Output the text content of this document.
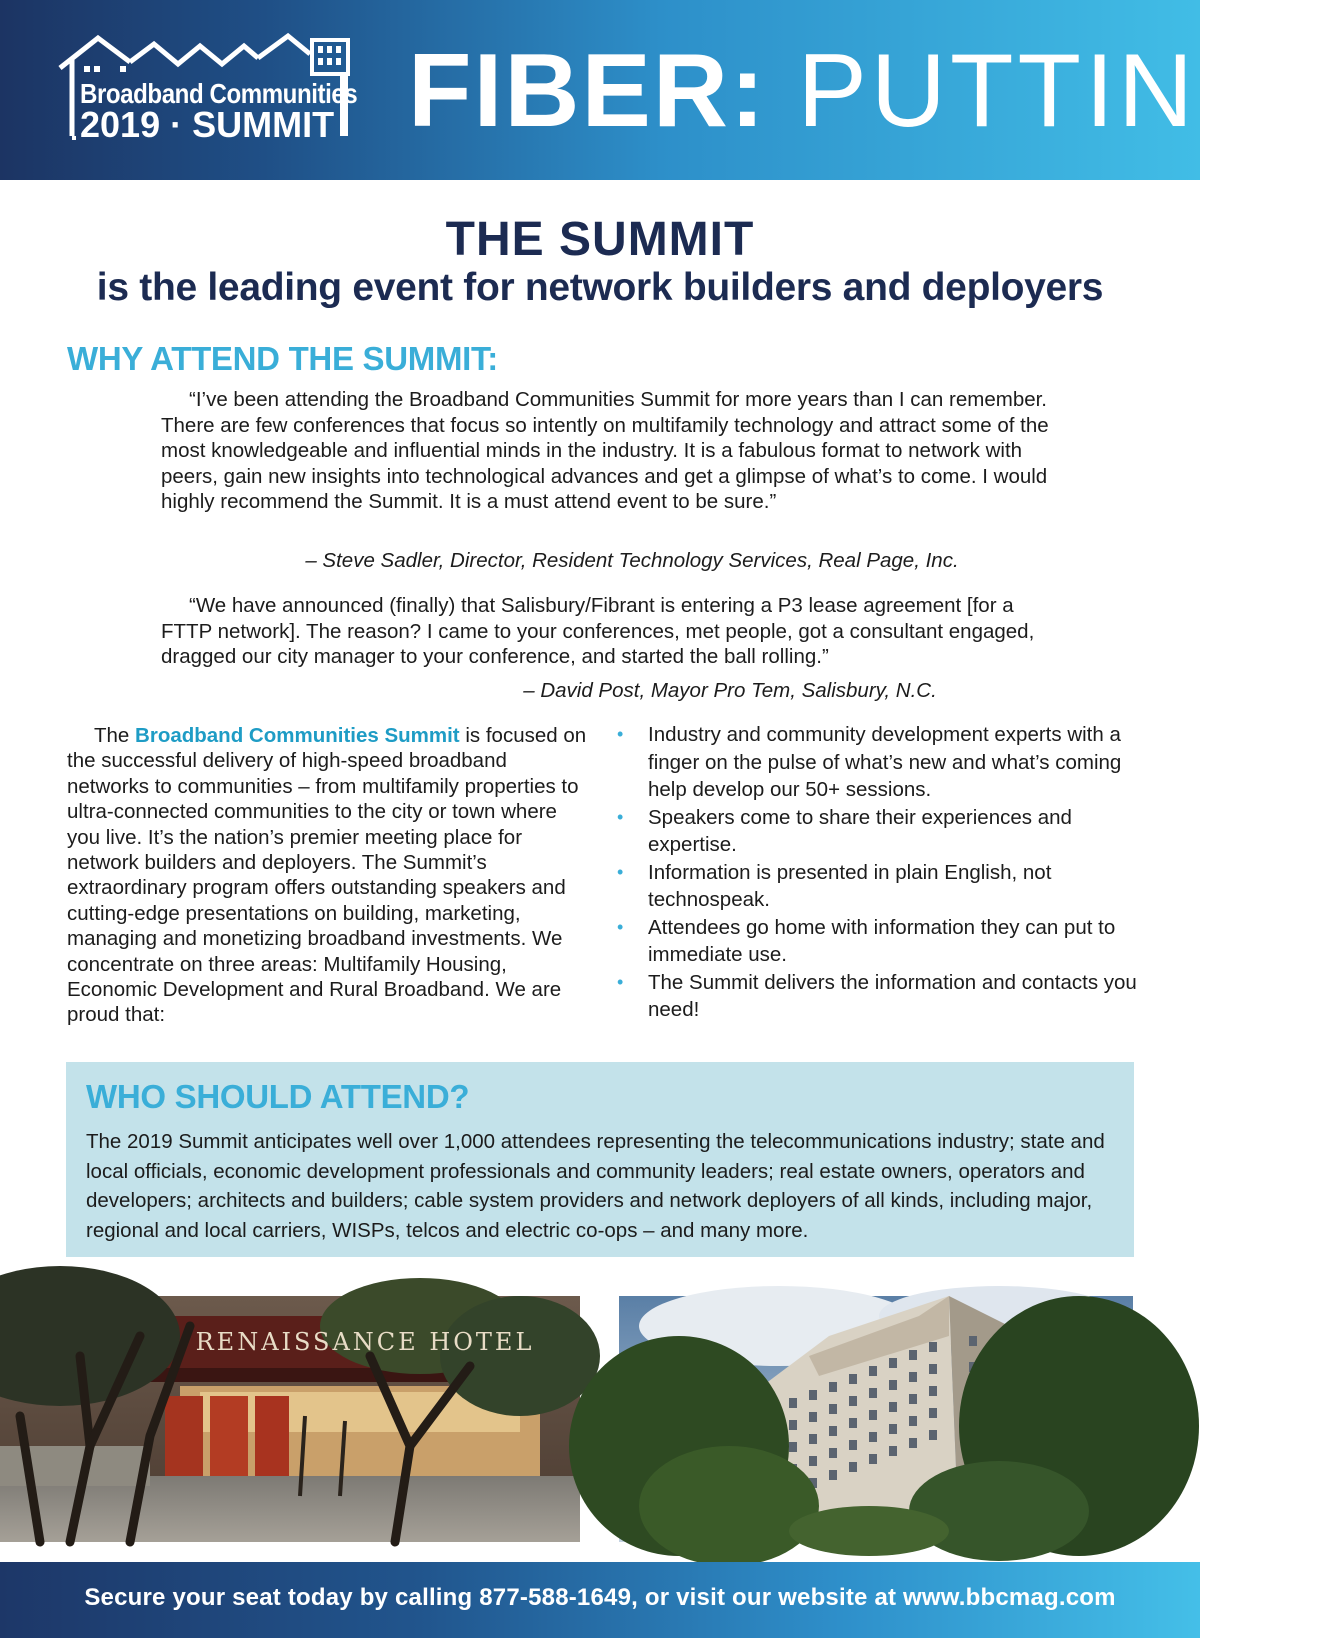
Broadband Communities
2019 · SUMMIT FIBER: PUTTING
THE SUMMIT
is the leading event for network builders and deployers
WHY ATTEND THE SUMMIT:

“I’ve been attending the Broadband Communities Summit for more years than I can remember. There are few conferences that focus so intently on multifamily technology and attract some of the most knowledgeable and influential minds in the industry. It is a fabulous format to network with peers, gain new insights into technological advances and get a glimpse of what’s to come. I would highly recommend the Summit. It is a must attend event to be sure.”

– Steve Sadler, Director, Resident Technology Services, Real Page, Inc.

“We have announced (finally) that Salisbury/Fibrant is entering a P3 lease agreement [for a FTTP network]. The reason? I came to your conferences, met people, got a consultant engaged, dragged our city manager to your conference, and started the ball rolling.”

– David Post, Mayor Pro Tem, Salisbury, N.C.

The Broadband Communities Summit is focused on the successful delivery of high-speed broadband networks to communities – from multifamily properties to ultra-connected communities to the city or town where you live. It’s the nation’s premier meeting place for network builders and deployers. The Summit’s extraordinary program offers outstanding speakers and cutting-edge presentations on building, marketing, managing and monetizing broadband investments. We concentrate on three areas: Multifamily Housing, Economic Development and Rural Broadband. We are proud that:

• Industry and community development experts with a finger on the pulse of what’s new and what’s coming help develop our 50+ sessions.
• Speakers come to share their experiences and expertise.
• Information is presented in plain English, not technospeak.
• Attendees go home with information they can put to immediate use.
• The Summit delivers the information and contacts you need!
WHO SHOULD ATTEND?

The 2019 Summit anticipates well over 1,000 attendees representing the telecommunications industry; state and local officials, economic development professionals and community leaders; real estate owners, operators and developers; architects and builders; cable system providers and network deployers of all kinds, including major, regional and local carriers, WISPs, telcos and electric co-ops – and many more.

RENAISSANCE HOTEL
Secure your seat today by calling 877-588-1649, or visit our website at www.bbcmag.com
